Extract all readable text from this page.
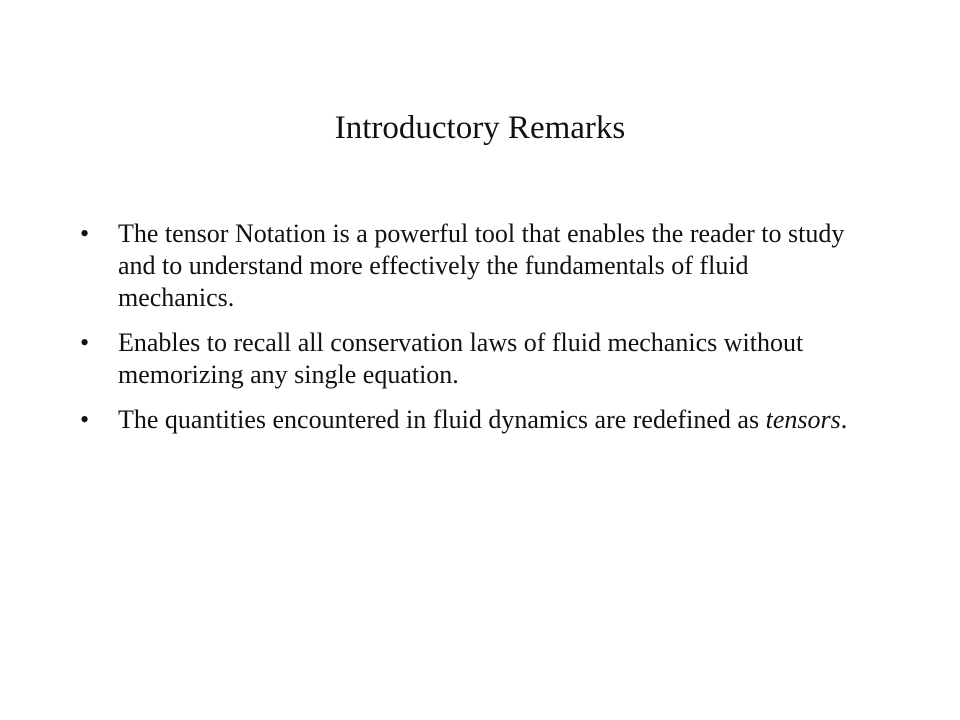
Introductory Remarks
•	The tensor Notation is a powerful tool that enables the reader to study and to understand more effectively the fundamentals of fluid mechanics.
•	Enables to recall all conservation laws of fluid mechanics without memorizing any single equation.
•	The quantities encountered in fluid dynamics are redefined as tensors.
